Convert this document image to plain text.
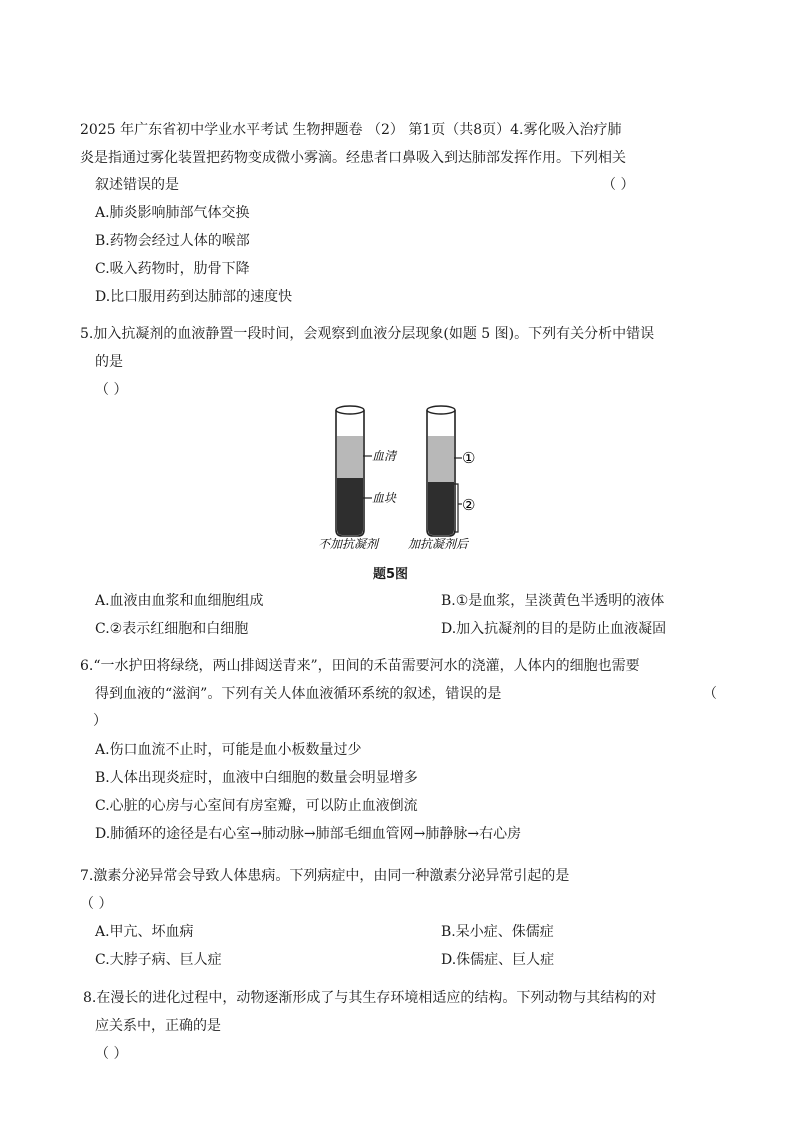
2025 年广东省初中学业水平考试 生物押题卷 （2） 第1页（共8页）4.雾化吸入治疗肺
炎是指通过雾化装置把药物变成微小雾滴。经患者口鼻吸入到达肺部发挥作用。下列相关
叙述错误的是	（ ）
A.肺炎影响肺部气体交换
B.药物会经过人体的喉部
C.吸入药物时，肋骨下降
D.比口服用药到达肺部的速度快
5.加入抗凝剂的血液静置一段时间，会观察到血液分层现象(如题 5 图)。下列有关分析中错误
的是
（ ）
血清
血块
①
②
不加抗凝剂 加抗凝剂后
题5图
A.血液由血浆和血细胞组成	B.①是血浆，呈淡黄色半透明的液体
C.②表示红细胞和白细胞	D.加入抗凝剂的目的是防止血液凝固
6.“一水护田将绿绕，两山排闼送青来”，田间的禾苗需要河水的浇灌，人体内的细胞也需要
得到血液的“滋润”。下列有关人体血液循环系统的叙述，错误的是	（
）
A.伤口血流不止时，可能是血小板数量过少
B.人体出现炎症时，血液中白细胞的数量会明显增多
C.心脏的心房与心室间有房室瓣，可以防止血液倒流
D.肺循环的途径是右心室→肺动脉→肺部毛细血管网→肺静脉→右心房
7.激素分泌异常会导致人体患病。下列病症中，由同一种激素分泌异常引起的是
（ ）
A.甲亢、坏血病	B.呆小症、侏儒症
C.大脖子病、巨人症	D.侏儒症、巨人症
8.在漫长的进化过程中，动物逐渐形成了与其生存环境相适应的结构。下列动物与其结构的对
应关系中，正确的是
（ ）
